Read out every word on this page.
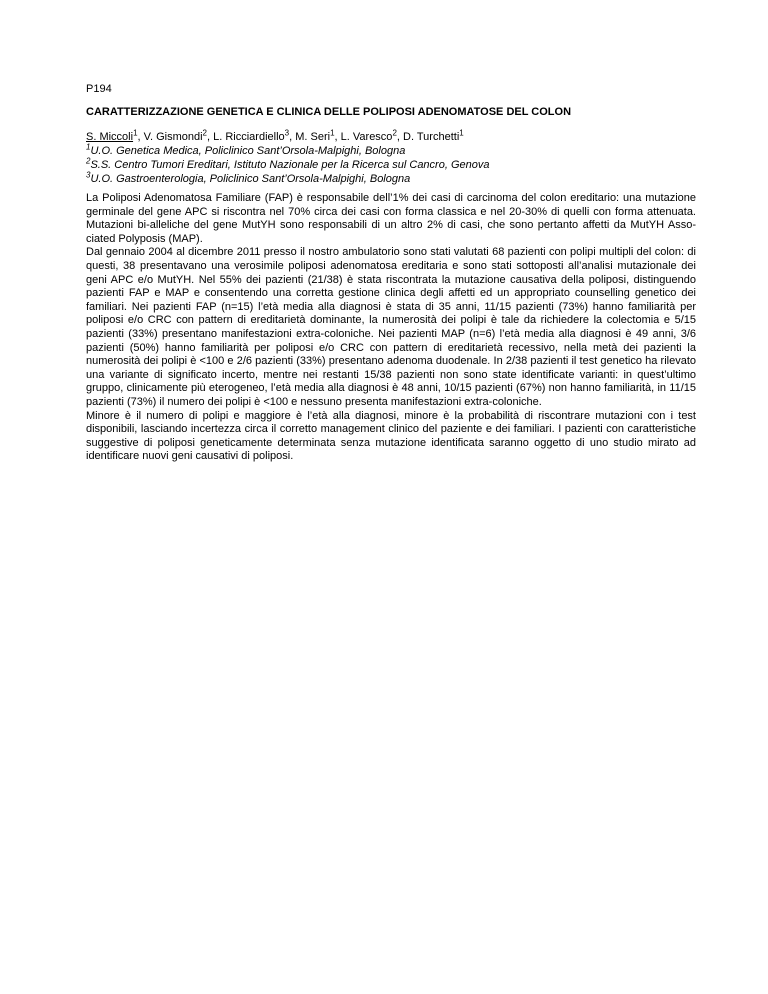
P194

CARATTERIZZAZIONE GENETICA E CLINICA DELLE POLIPOSI ADENOMATOSE DEL COLON

S. Miccoli$^1$, V. Gismondi$^2$, L. Ricciardiello$^3$, M. Seri$^1$, L. Varesco$^2$, D. Turchetti$^1$

$^1$U.O. Genetica Medica, Policlinico Sant’Orsola-Malpighi, Bologna

$^2$S.S. Centro Tumori Ereditari, Istituto Nazionale per la Ricerca sul Cancro, Genova

$^3$U.O. Gastroenterologia, Policlinico Sant’Orsola-Malpighi, Bologna

La Poliposi Adenomatosa Familiare (FAP) è responsabile dell’1% dei casi di carcinoma del colon ereditario: una mutazione germinale del gene APC si riscontra nel 70% circa dei casi con forma classica e nel 20-30% di quelli con forma attenuata. Mutazioni bi-alleliche del gene MutYH sono responsabili di un altro 2% di casi, che sono pertanto affetti da MutYH Asso-ciated Polyposis (MAP).

Dal gennaio 2004 al dicembre 2011 presso il nostro ambulatorio sono stati valutati 68 pazienti con polipi multipli del colon: di questi, 38 presentavano una verosimile poliposi adenomatosa ereditaria e sono stati sottoposti all’analisi mutazionale dei geni APC e/o MutYH. Nel 55% dei pazienti (21/38) è stata riscontrata la mutazione causativa della poliposi, distinguendo pazienti FAP e MAP e consentendo una corretta gestione clinica degli affetti ed un appropriato counselling genetico dei familiari. Nei pazienti FAP (n=15) l’età media alla diagnosi è stata di 35 anni, 11/15 pazienti (73%) hanno familiarità per poliposi e/o CRC con pattern di ereditarietà dominante, la numerosità dei polipi è tale da richiedere la colectomia e 5/15 pazienti (33%) presentano manifestazioni extra-coloniche. Nei pazienti MAP (n=6) l’età media alla diagnosi è 49 anni, 3/6 pazienti (50%) hanno familiarità per poliposi e/o CRC con pattern di ereditarietà recessivo, nella metà dei pazienti la numerosità dei polipi è <100 e 2/6 pazienti (33%) presentano adenoma duodenale. In 2/38 pazienti il test genetico ha rilevato una variante di significato incerto, mentre nei restanti 15/38 pazienti non sono state identificate varianti: in quest’ultimo gruppo, clinicamente più eterogeneo, l’età media alla diagnosi è 48 anni, 10/15 pazienti (67%) non hanno familiarità, in 11/15 pazienti (73%) il numero dei polipi è <100 e nessuno presenta manifestazioni extra-coloniche.

Minore è il numero di polipi e maggiore è l’età alla diagnosi, minore è la probabilità di riscontrare mutazioni con i test disponibili, lasciando incertezza circa il corretto management clinico del paziente e dei familiari. I pazienti con caratteristiche suggestive di poliposi geneticamente determinata senza mutazione identificata saranno oggetto di uno studio mirato ad identificare nuovi geni causativi di poliposi.
